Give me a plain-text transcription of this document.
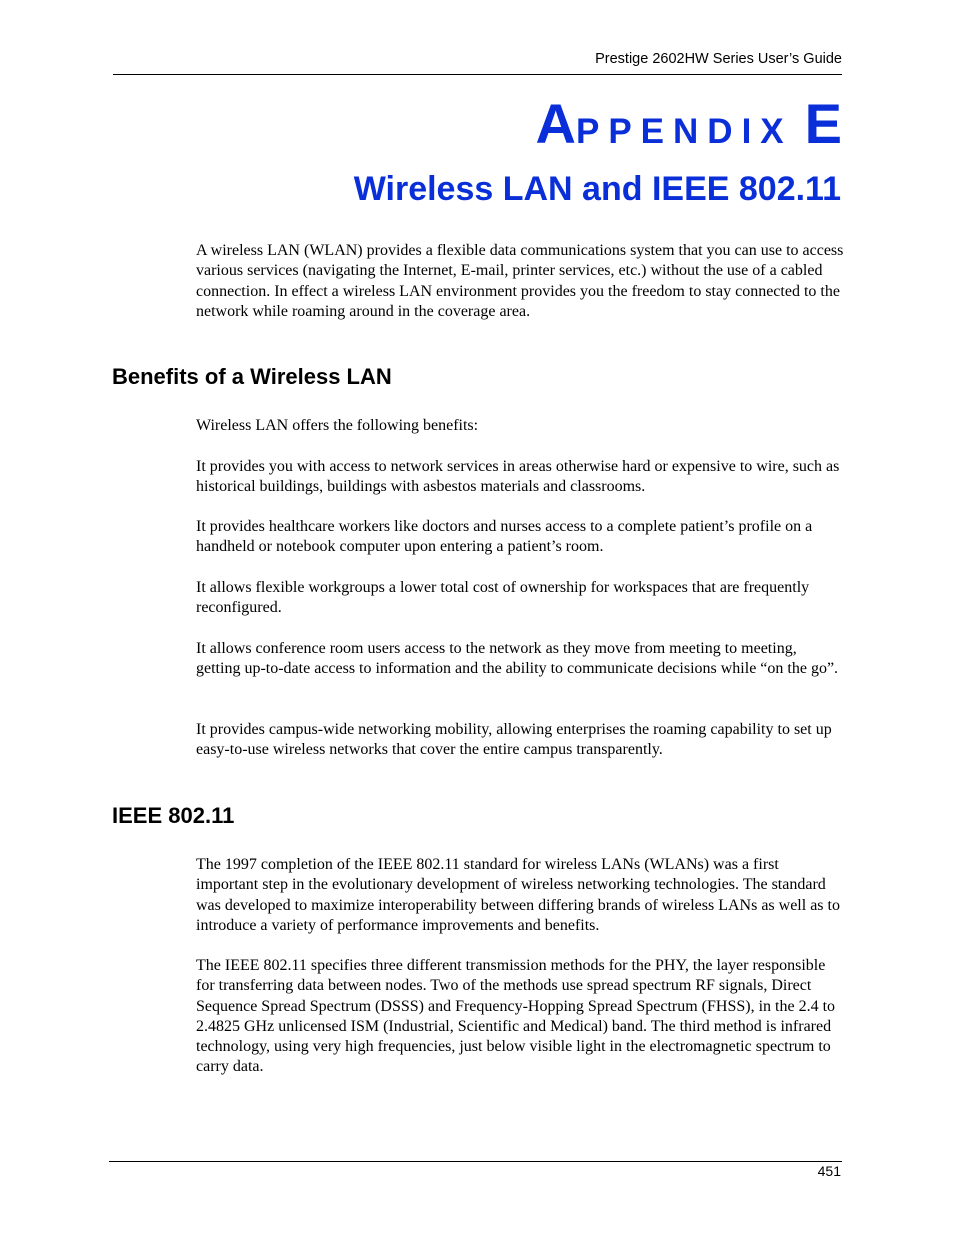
Prestige 2602HW Series User’s Guide
APPENDIX E
Wireless LAN and IEEE 802.11

A wireless LAN (WLAN) provides a flexible data communications system that you can use to access various services (navigating the Internet, E-mail, printer services, etc.) without the use of a cabled connection. In effect a wireless LAN environment provides you the freedom to stay connected to the network while roaming around in the coverage area.

Benefits of a Wireless LAN

Wireless LAN offers the following benefits:

It provides you with access to network services in areas otherwise hard or expensive to wire, such as historical buildings, buildings with asbestos materials and classrooms.

It provides healthcare workers like doctors and nurses access to a complete patient’s profile on a handheld or notebook computer upon entering a patient’s room.

It allows flexible workgroups a lower total cost of ownership for workspaces that are frequently reconfigured.

It allows conference room users access to the network as they move from meeting to meeting, getting up-to-date access to information and the ability to communicate decisions while “on the go”.

It provides campus-wide networking mobility, allowing enterprises the roaming capability to set up easy-to-use wireless networks that cover the entire campus transparently.

IEEE 802.11

The 1997 completion of the IEEE 802.11 standard for wireless LANs (WLANs) was a first important step in the evolutionary development of wireless networking technologies. The standard was developed to maximize interoperability between differing brands of wireless LANs as well as to introduce a variety of performance improvements and benefits.

The IEEE 802.11 specifies three different transmission methods for the PHY, the layer responsible for transferring data between nodes. Two of the methods use spread spectrum RF signals, Direct Sequence Spread Spectrum (DSSS) and Frequency-Hopping Spread Spectrum (FHSS), in the 2.4 to 2.4825 GHz unlicensed ISM (Industrial, Scientific and Medical) band. The third method is infrared technology, using very high frequencies, just below visible light in the electromagnetic spectrum to carry data.

451
